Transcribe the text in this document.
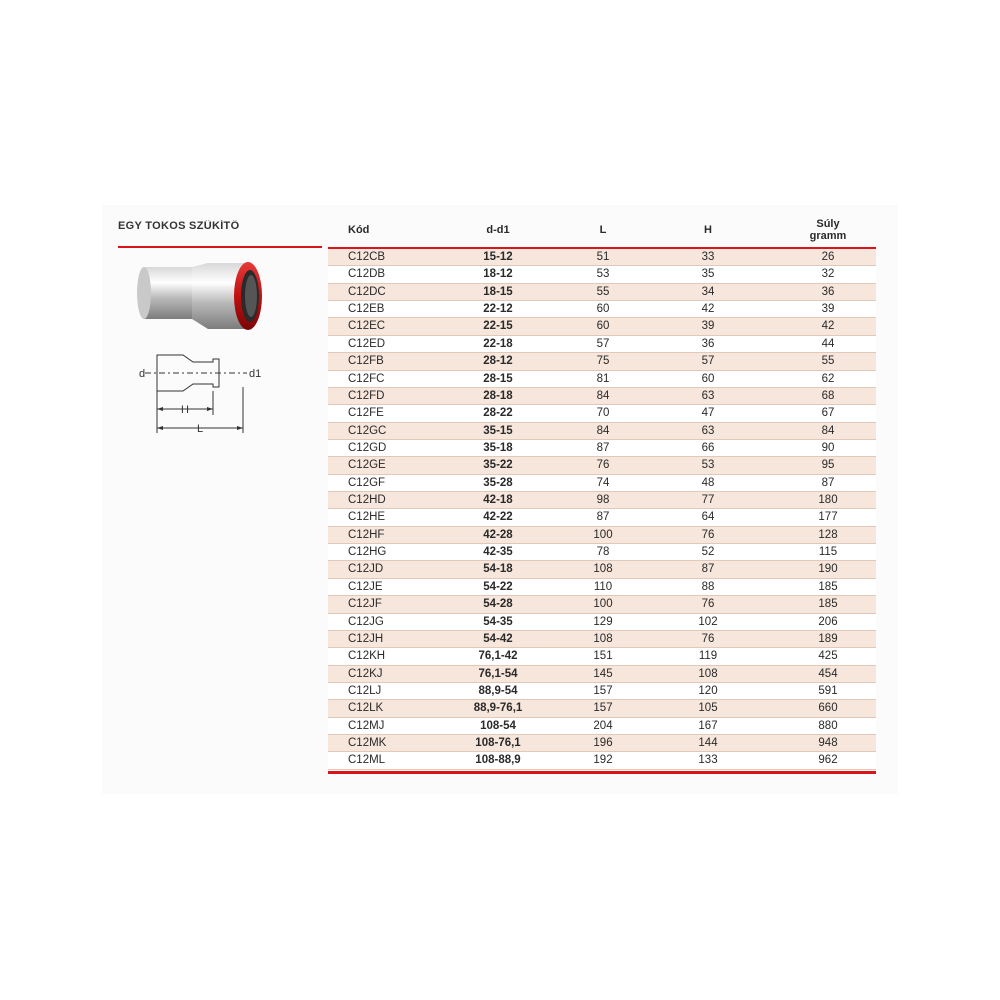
EGY TOKOS SZŰKÍTŐ
d	d1
H
L
Kód	d-d1	L	H	Súly
gramm
C12CB	15-12	51	33	26
C12DB	18-12	53	35	32
C12DC	18-15	55	34	36
C12EB	22-12	60	42	39
C12EC	22-15	60	39	42
C12ED	22-18	57	36	44
C12FB	28-12	75	57	55
C12FC	28-15	81	60	62
C12FD	28-18	84	63	68
C12FE	28-22	70	47	67
C12GC	35-15	84	63	84
C12GD	35-18	87	66	90
C12GE	35-22	76	53	95
C12GF	35-28	74	48	87
C12HD	42-18	98	77	180
C12HE	42-22	87	64	177
C12HF	42-28	100	76	128
C12HG	42-35	78	52	115
C12JD	54-18	108	87	190
C12JE	54-22	110	88	185
C12JF	54-28	100	76	185
C12JG	54-35	129	102	206
C12JH	54-42	108	76	189
C12KH	76,1-42	151	119	425
C12KJ	76,1-54	145	108	454
C12LJ	88,9-54	157	120	591
C12LK	88,9-76,1	157	105	660
C12MJ	108-54	204	167	880
C12MK	108-76,1	196	144	948
C12ML	108-88,9	192	133	962
